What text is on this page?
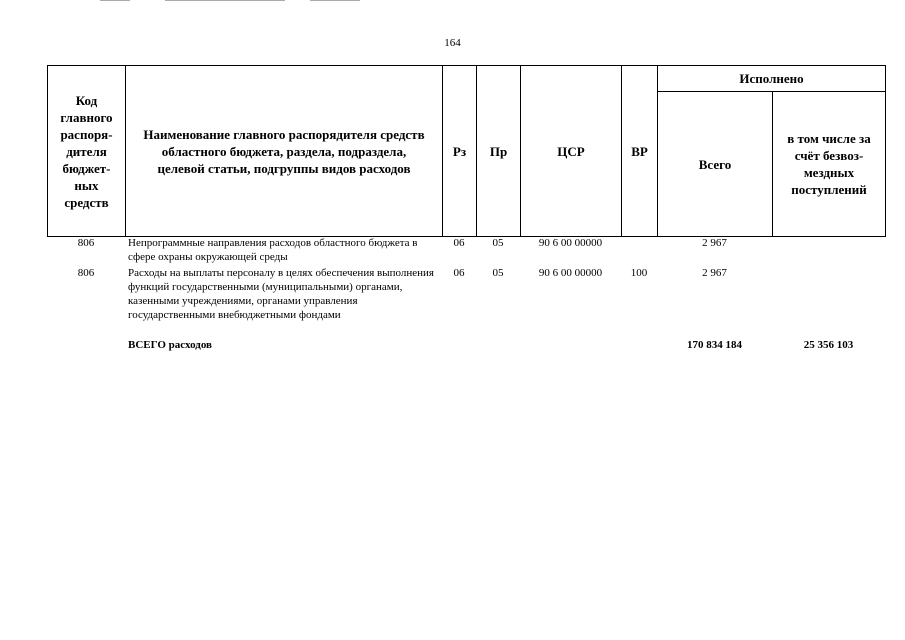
164
Код главного распоря- дителя бюджет- ных средств	Наименование главного распорядителя средств областного бюджета, раздела, подраздела, целевой статьи, подгруппы видов расходов	Рз	Пр	ЦСР	ВР	Исполнено	
						Всего	в том числе за счёт безвоз- мездных поступлений
806	Непрограммные направления расходов областного бюджета в сфере охраны окружающей среды	06	05	90 6 00 00000		2 967	
806	Расходы на выплаты персоналу в целях обеспечения выполнения функций государственными (муниципальными) органами, казенными учреждениями, органами управления государственными внебюджетными фондами	06	05	90 6 00 00000	100	2 967	
	ВСЕГО расходов					170 834 184	25 356 103
